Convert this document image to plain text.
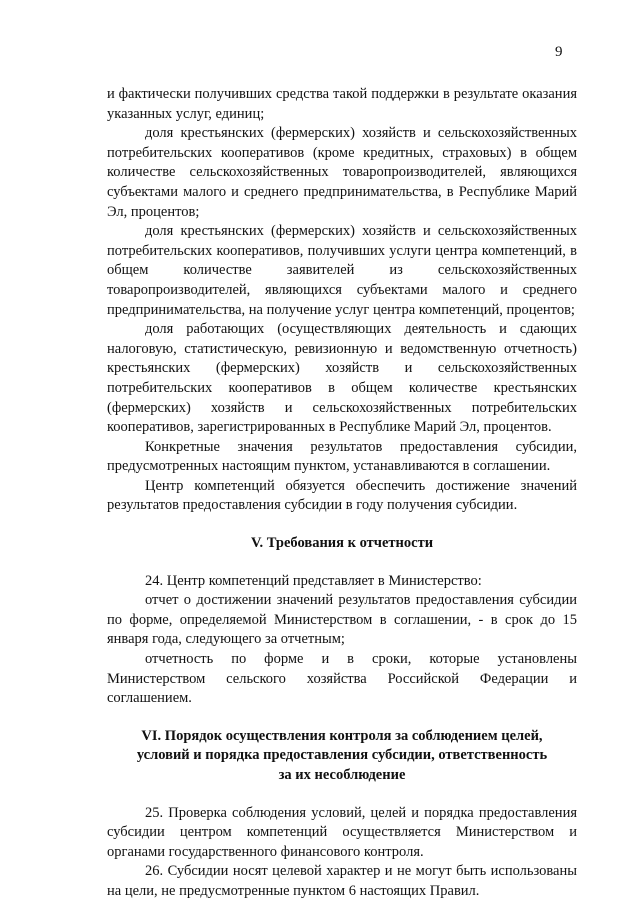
9

и фактически получивших средства такой поддержки в результате оказания указанных услуг, единиц;

доля крестьянских (фермерских) хозяйств и сельскохозяйственных потребительских кооперативов (кроме кредитных, страховых) в общем количестве сельскохозяйственных товаропроизводителей, являющихся субъектами малого и среднего предпринимательства, в Республике Марий Эл, процентов;

доля крестьянских (фермерских) хозяйств и сельскохозяйственных потребительских кооперативов, получивших услуги центра компетенций, в общем количестве заявителей из сельскохозяйственных товаропроизводителей, являющихся субъектами малого и среднего предпринимательства, на получение услуг центра компетенций, процентов;

доля работающих (осуществляющих деятельность и сдающих налоговую, статистическую, ревизионную и ведомственную отчетность) крестьянских (фермерских) хозяйств и сельскохозяйственных потребительских кооперативов в общем количестве крестьянских (фермерских) хозяйств и сельскохозяйственных потребительских кооперативов, зарегистрированных в Республике Марий Эл, процентов.

Конкретные значения результатов предоставления субсидии, предусмотренных настоящим пунктом, устанавливаются в соглашении.

Центр компетенций обязуется обеспечить достижение значений результатов предоставления субсидии в году получения субсидии.

V. Требования к отчетности

24. Центр компетенций представляет в Министерство:

отчет о достижении значений результатов предоставления субсидии по форме, определяемой Министерством в соглашении, - в срок до 15 января года, следующего за отчетным;

отчетность по форме и в сроки, которые установлены Министерством сельского хозяйства Российской Федерации и соглашением.

VI. Порядок осуществления контроля за соблюдением целей,
условий и порядка предоставления субсидии, ответственность
за их несоблюдение

25. Проверка соблюдения условий, целей и порядка предоставления субсидии центром компетенций осуществляется Министерством и органами государственного финансового контроля.

26. Субсидии носят целевой характер и не могут быть использованы на цели, не предусмотренные пунктом 6 настоящих Правил.
